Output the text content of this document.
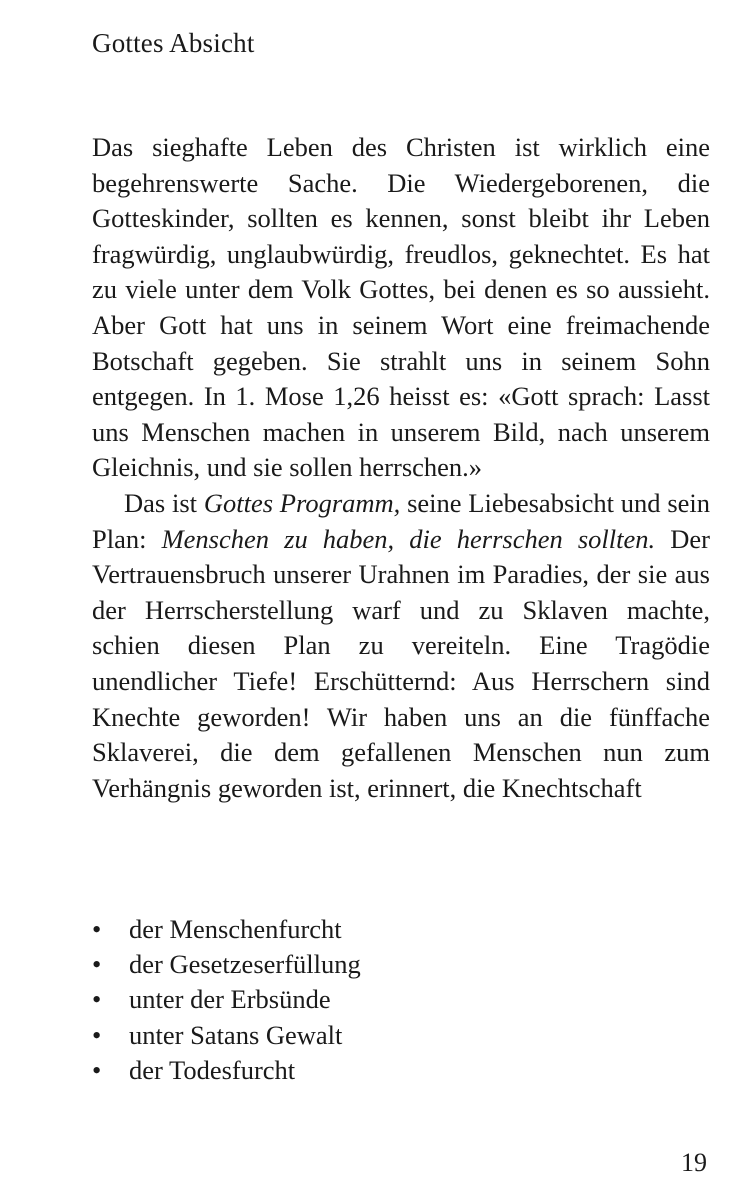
Gottes Absicht

Das sieghafte Leben des Christen ist wirklich eine begehrenswerte Sache. Die Wiedergeborenen, die Gotteskinder, sollten es kennen, sonst bleibt ihr Leben fragwürdig, unglaubwürdig, freudlos, geknechtet. Es hat zu viele unter dem Volk Gottes, bei denen es so aussieht. Aber Gott hat uns in seinem Wort eine freimachende Botschaft gegeben. Sie strahlt uns in seinem Sohn entgegen. In 1. Mose 1,26 heisst es: «Gott sprach: Lasst uns Menschen machen in unserem Bild, nach unserem Gleichnis, und sie sollen herrschen.»

Das ist Gottes Programm, seine Liebesabsicht und sein Plan: Menschen zu haben, die herrschen sollten. Der Vertrauensbruch unserer Urahnen im Paradies, der sie aus der Herrscherstellung warf und zu Sklaven machte, schien diesen Plan zu vereiteln. Eine Tragödie unendlicher Tiefe! Erschütternd: Aus Herrschern sind Knechte geworden! Wir haben uns an die fünffache Sklaverei, die dem gefallenen Menschen nun zum Verhängnis geworden ist, erinnert, die Knechtschaft

• der Menschenfurcht
• der Gesetzeserfüllung
• unter der Erbsünde
• unter Satans Gewalt
• der Todesfurcht
19
